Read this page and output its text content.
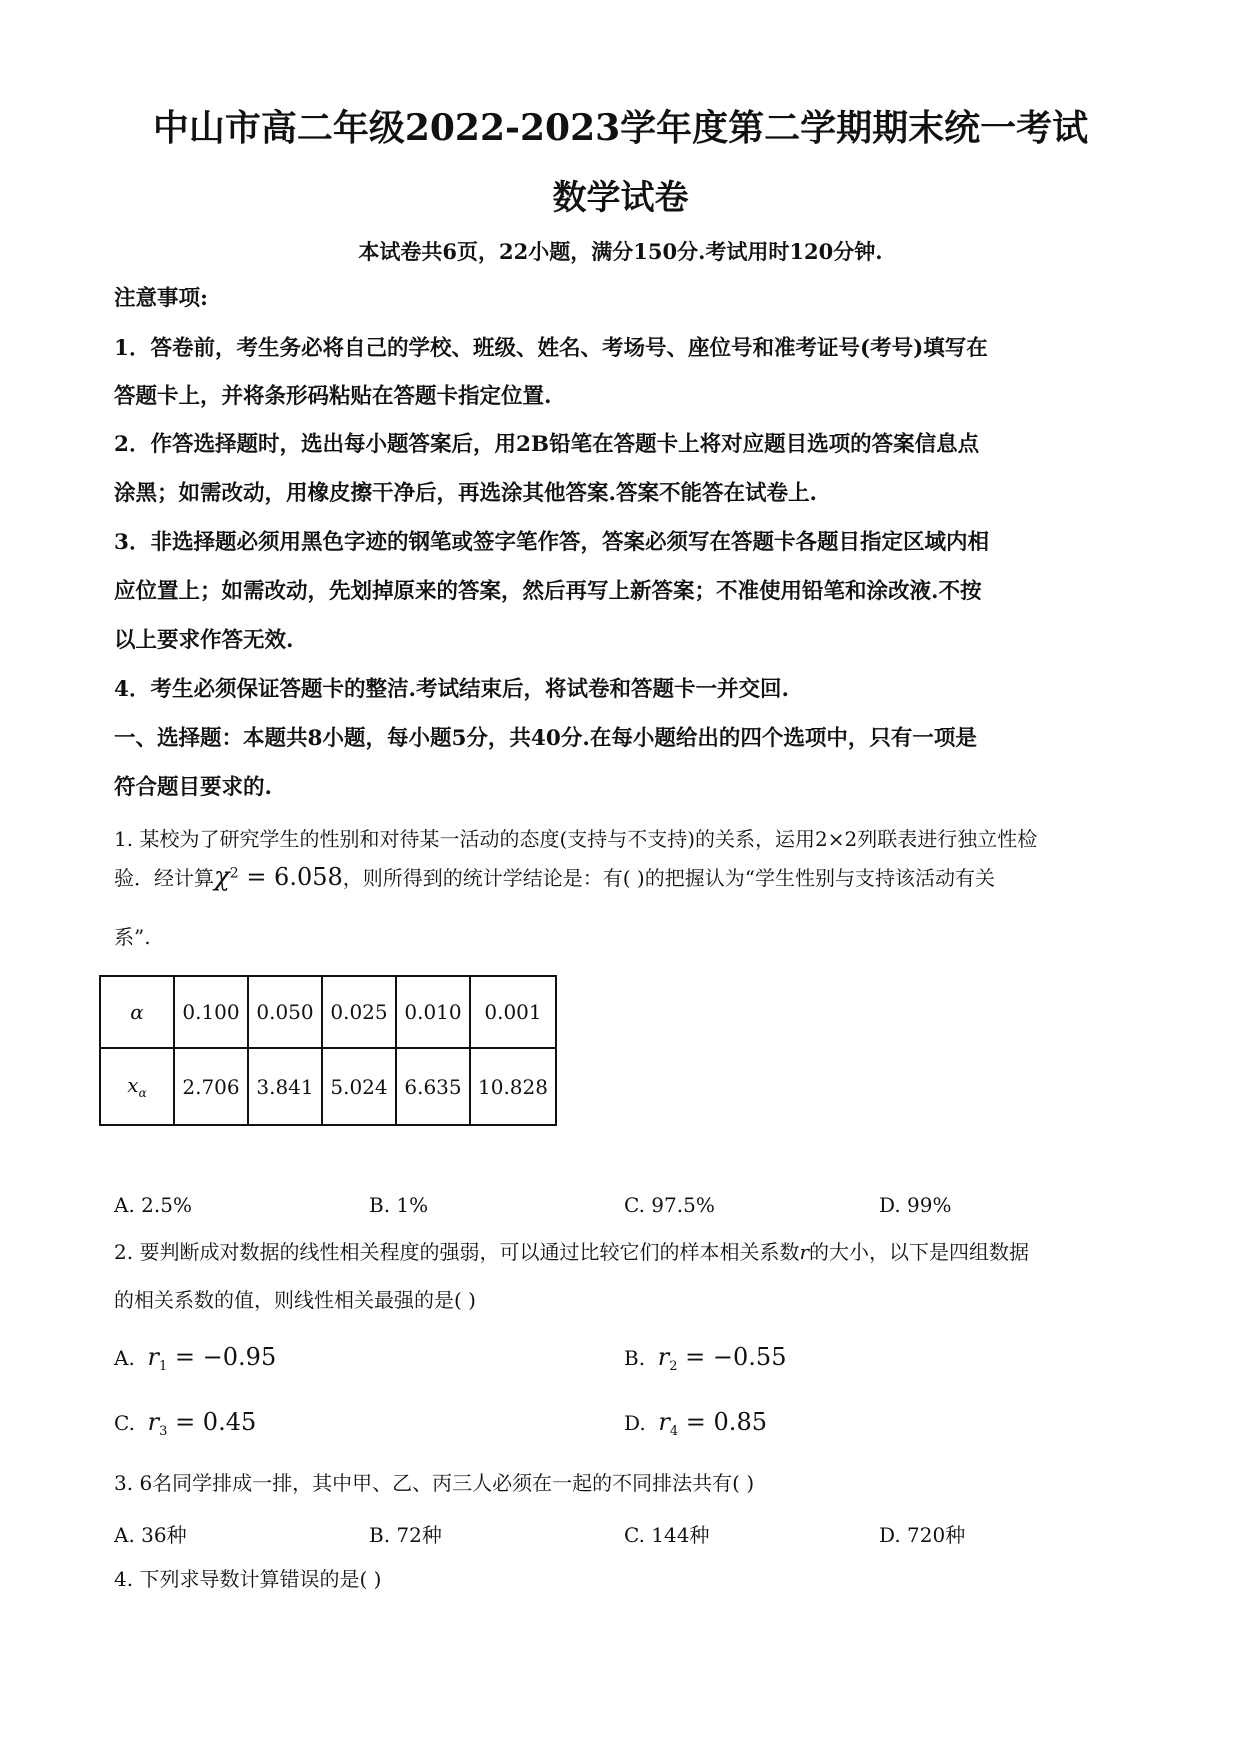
中山市高二年级2022-2023学年度第二学期期末统一考试
数学试卷
本试卷共6页，22小题，满分150分.考试用时120分钟.
注意事项:
1．答卷前，考生务必将自己的学校、班级、姓名、考场号、座位号和准考证号(考号)填写在
答题卡上，并将条形码粘贴在答题卡指定位置.
2．作答选择题时，选出每小题答案后，用2B铅笔在答题卡上将对应题目选项的答案信息点
涂黑；如需改动，用橡皮擦干净后，再选涂其他答案.答案不能答在试卷上.
3．非选择题必须用黑色字迹的钢笔或签字笔作答，答案必须写在答题卡各题目指定区域内相
应位置上；如需改动，先划掉原来的答案，然后再写上新答案；不准使用铅笔和涂改液.不按
以上要求作答无效.
4．考生必须保证答题卡的整洁.考试结束后，将试卷和答题卡一并交回.
一、选择题：本题共8小题，每小题5分，共40分.在每小题给出的四个选项中，只有一项是
符合题目要求的.
1. 某校为了研究学生的性别和对待某一活动的态度(支持与不支持)的关系，运用2×2列联表进行独立性检
验．经计算$\chi^2 = 6.058$，则所得到的统计学结论是：有( )的把握认为“学生性别与支持该活动有关
系”.
α	0.100	0.050	0.025	0.010	0.001
$x_\alpha$	2.706	3.841	5.024	6.635	10.828
A. 2.5%	B. 1%	C. 97.5%	D. 99%
2. 要判断成对数据的线性相关程度的强弱，可以通过比较它们的样本相关系数r的大小，以下是四组数据
的相关系数的值，则线性相关最强的是( )
A. $r_1 = -0.95$	B. $r_2 = -0.55$
C. $r_3 = 0.45$	D. $r_4 = 0.85$
3. 6名同学排成一排，其中甲、乙、丙三人必须在一起的不同排法共有( )
A. 36种	B. 72种	C. 144种	D. 720种
4. 下列求导数计算错误的是( )
